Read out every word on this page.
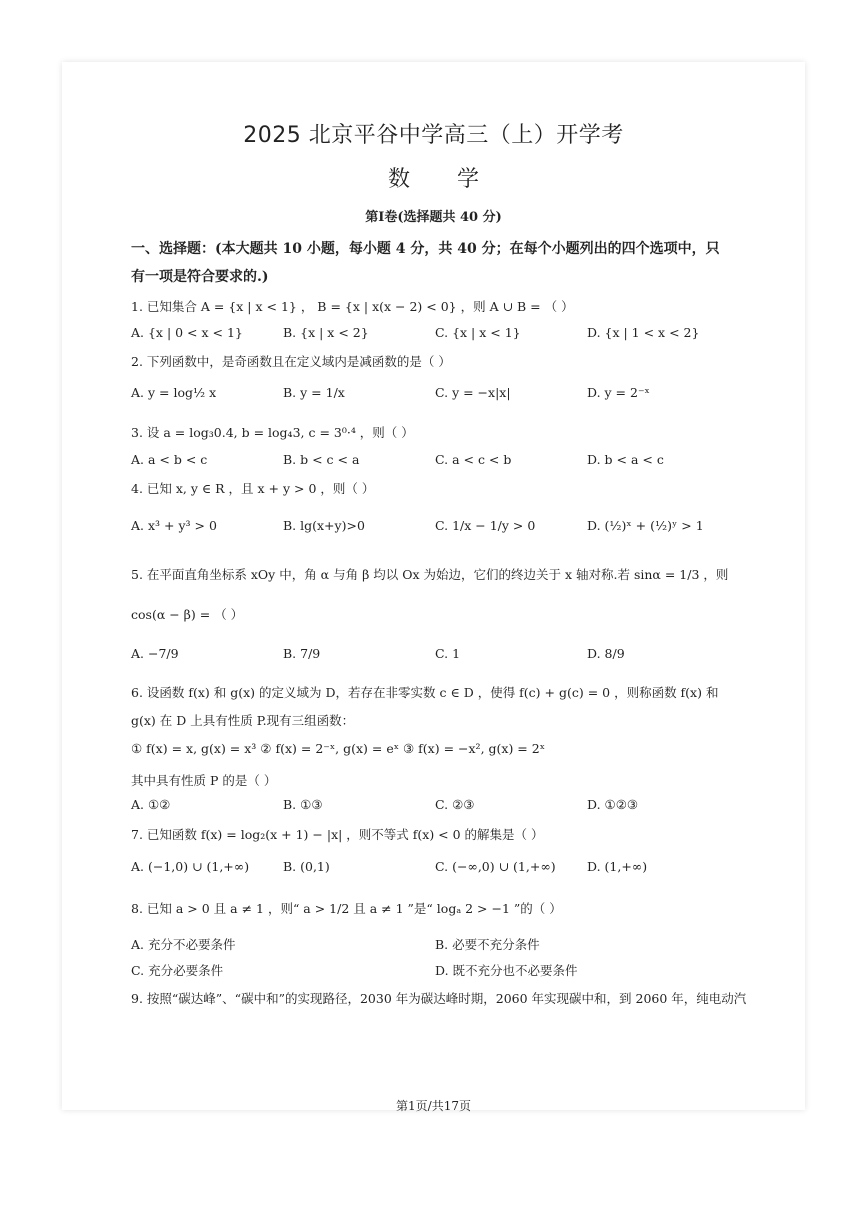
2025 北京平谷中学高三（上）开学考
数 学
第Ⅰ卷(选择题共 40 分)
一、选择题：(本大题共 10 小题，每小题 4 分，共 40 分；在每个小题列出的四个选项中，只
有一项是符合要求的.)
1. 已知集合 A = {x | x < 1} ， B = {x | x(x − 2) < 0} ，则 A ∪ B = （ ）
A. {x | 0 < x < 1}	B. {x | x < 2}	C. {x | x < 1}	D. {x | 1 < x < 2}
2. 下列函数中，是奇函数且在定义域内是减函数的是（ ）
A. y = log½ x	B. y = 1/x	C. y = −x|x|	D. y = 2⁻ˣ
3. 设 a = log₃0.4, b = log₄3, c = 3⁰·⁴ ，则（ ）
A. a < b < c	B. b < c < a	C. a < c < b	D. b < a < c
4. 已知 x, y ∈ R ，且 x + y > 0 ，则（ ）
A. x³ + y³ > 0	B. lg(x+y)>0	C. 1/x − 1/y > 0	D. (½)ˣ + (½)ʸ > 1
5. 在平面直角坐标系 xOy 中，角 α 与角 β 均以 Ox 为始边，它们的终边关于 x 轴对称.若 sinα = 1/3 ，则
cos(α − β) = （ ）
A. −7/9	B. 7/9	C. 1	D. 8/9
6. 设函数 f(x) 和 g(x) 的定义域为 D，若存在非零实数 c ∈ D ，使得 f(c) + g(c) = 0 ，则称函数 f(x) 和
g(x) 在 D 上具有性质 P.现有三组函数：
① f(x) = x, g(x) = x³ ② f(x) = 2⁻ˣ, g(x) = eˣ ③ f(x) = −x², g(x) = 2ˣ
其中具有性质 P 的是（ ）
A. ①②	B. ①③	C. ②③	D. ①②③
7. 已知函数 f(x) = log₂(x + 1) − |x| ，则不等式 f(x) < 0 的解集是（ ）
A. (−1,0) ∪ (1,+∞)	B. (0,1)	C. (−∞,0) ∪ (1,+∞)	D. (1,+∞)
8. 已知 a > 0 且 a ≠ 1 ，则“ a > 1/2 且 a ≠ 1 ”是“ logₐ 2 > −1 ”的（ ）
A. 充分不必要条件	B. 必要不充分条件
C. 充分必要条件	D. 既不充分也不必要条件
9. 按照“碳达峰”、“碳中和”的实现路径，2030 年为碳达峰时期，2060 年实现碳中和，到 2060 年，纯电动汽
第1页/共17页
